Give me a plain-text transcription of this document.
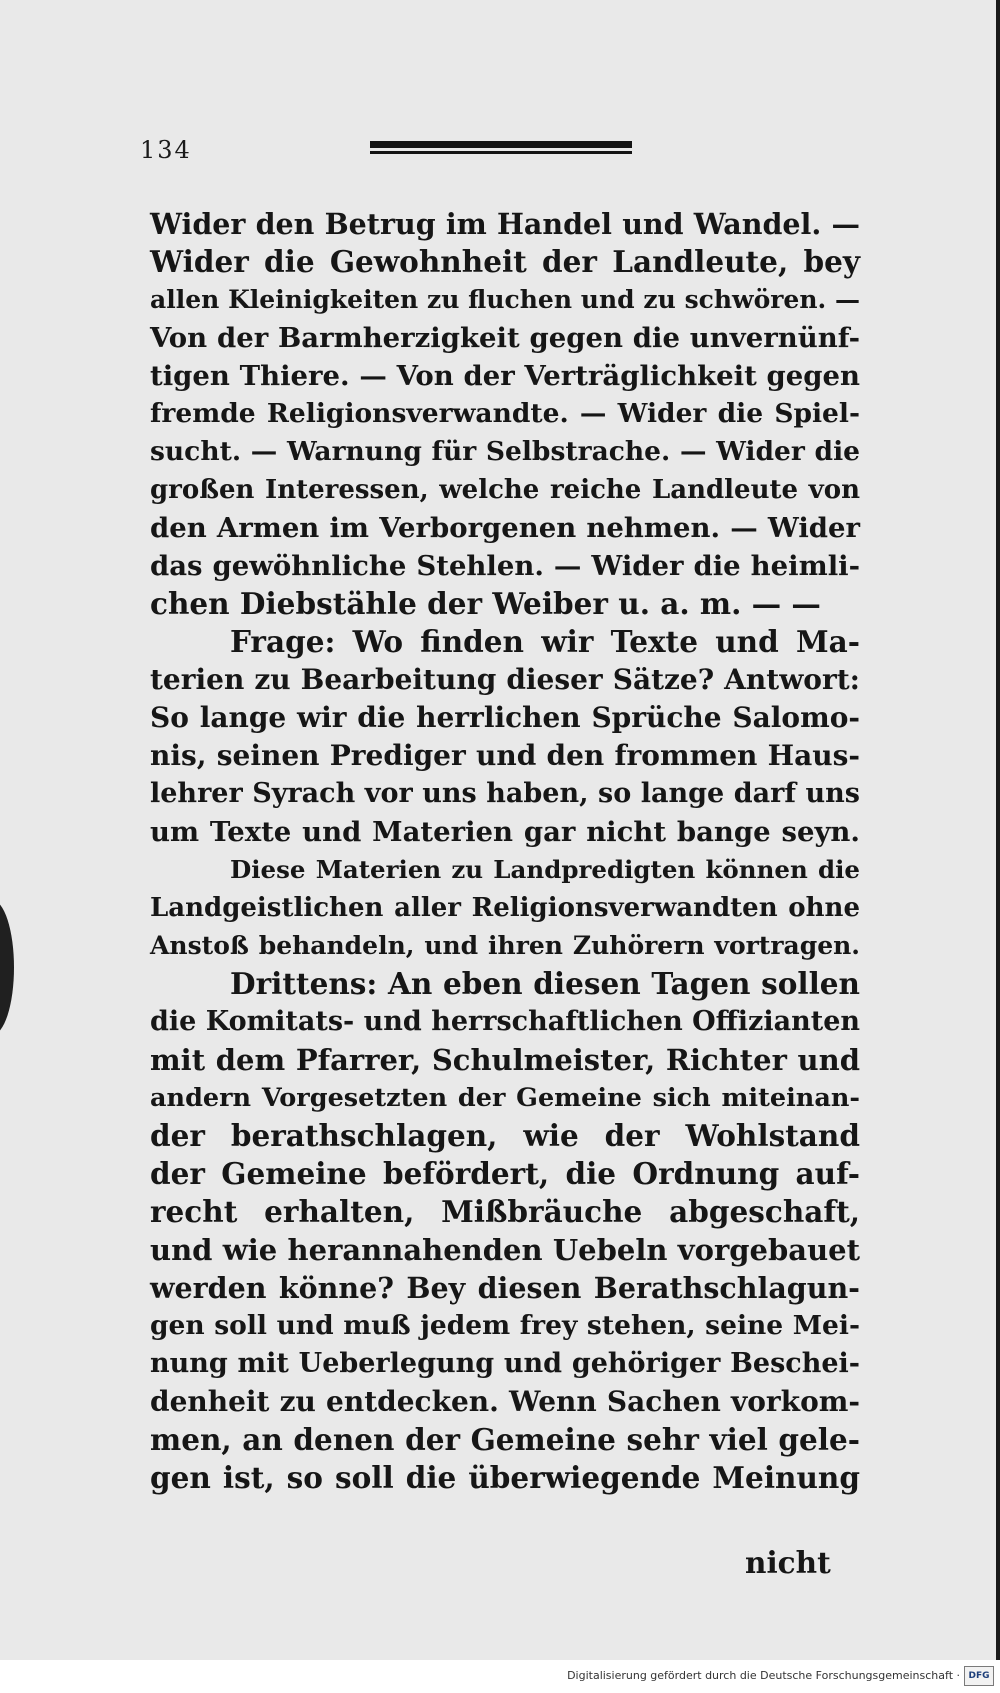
134
Wider den Betrug im Handel und Wandel. —
Wider die Gewohnheit der Landleute, bey
allen Kleinigkeiten zu fluchen und zu schwören. —
Von der Barmherzigkeit gegen die unvernünf-
tigen Thiere. — Von der Verträglichkeit gegen
fremde Religionsverwandte. — Wider die Spiel-
sucht. — Warnung für Selbstrache. — Wider die
großen Interessen, welche reiche Landleute von
den Armen im Verborgenen nehmen. — Wider
das gewöhnliche Stehlen. — Wider die heimli-
chen Diebstähle der Weiber u. a. m. — —
Frage: Wo finden wir Texte und Ma-
terien zu Bearbeitung dieser Sätze? Antwort:
So lange wir die herrlichen Sprüche Salomo-
nis, seinen Prediger und den frommen Haus-
lehrer Syrach vor uns haben, so lange darf uns
um Texte und Materien gar nicht bange seyn.
Diese Materien zu Landpredigten können die
Landgeistlichen aller Religionsverwandten ohne
Anstoß behandeln, und ihren Zuhörern vortragen.
Drittens: An eben diesen Tagen sollen
die Komitats- und herrschaftlichen Offizianten
mit dem Pfarrer, Schulmeister, Richter und
andern Vorgesetzten der Gemeine sich miteinan-
der berathschlagen, wie der Wohlstand
der Gemeine befördert, die Ordnung auf-
recht erhalten, Mißbräuche abgeschaft,
und wie herannahenden Uebeln vorgebauet
werden könne? Bey diesen Berathschlagun-
gen soll und muß jedem frey stehen, seine Mei-
nung mit Ueberlegung und gehöriger Beschei-
denheit zu entdecken. Wenn Sachen vorkom-
men, an denen der Gemeine sehr viel gele-
gen ist, so soll die überwiegende Meinung
nicht
Digitalisierung gefördert durch die Deutsche Forschungsgemeinschaft · DFG
